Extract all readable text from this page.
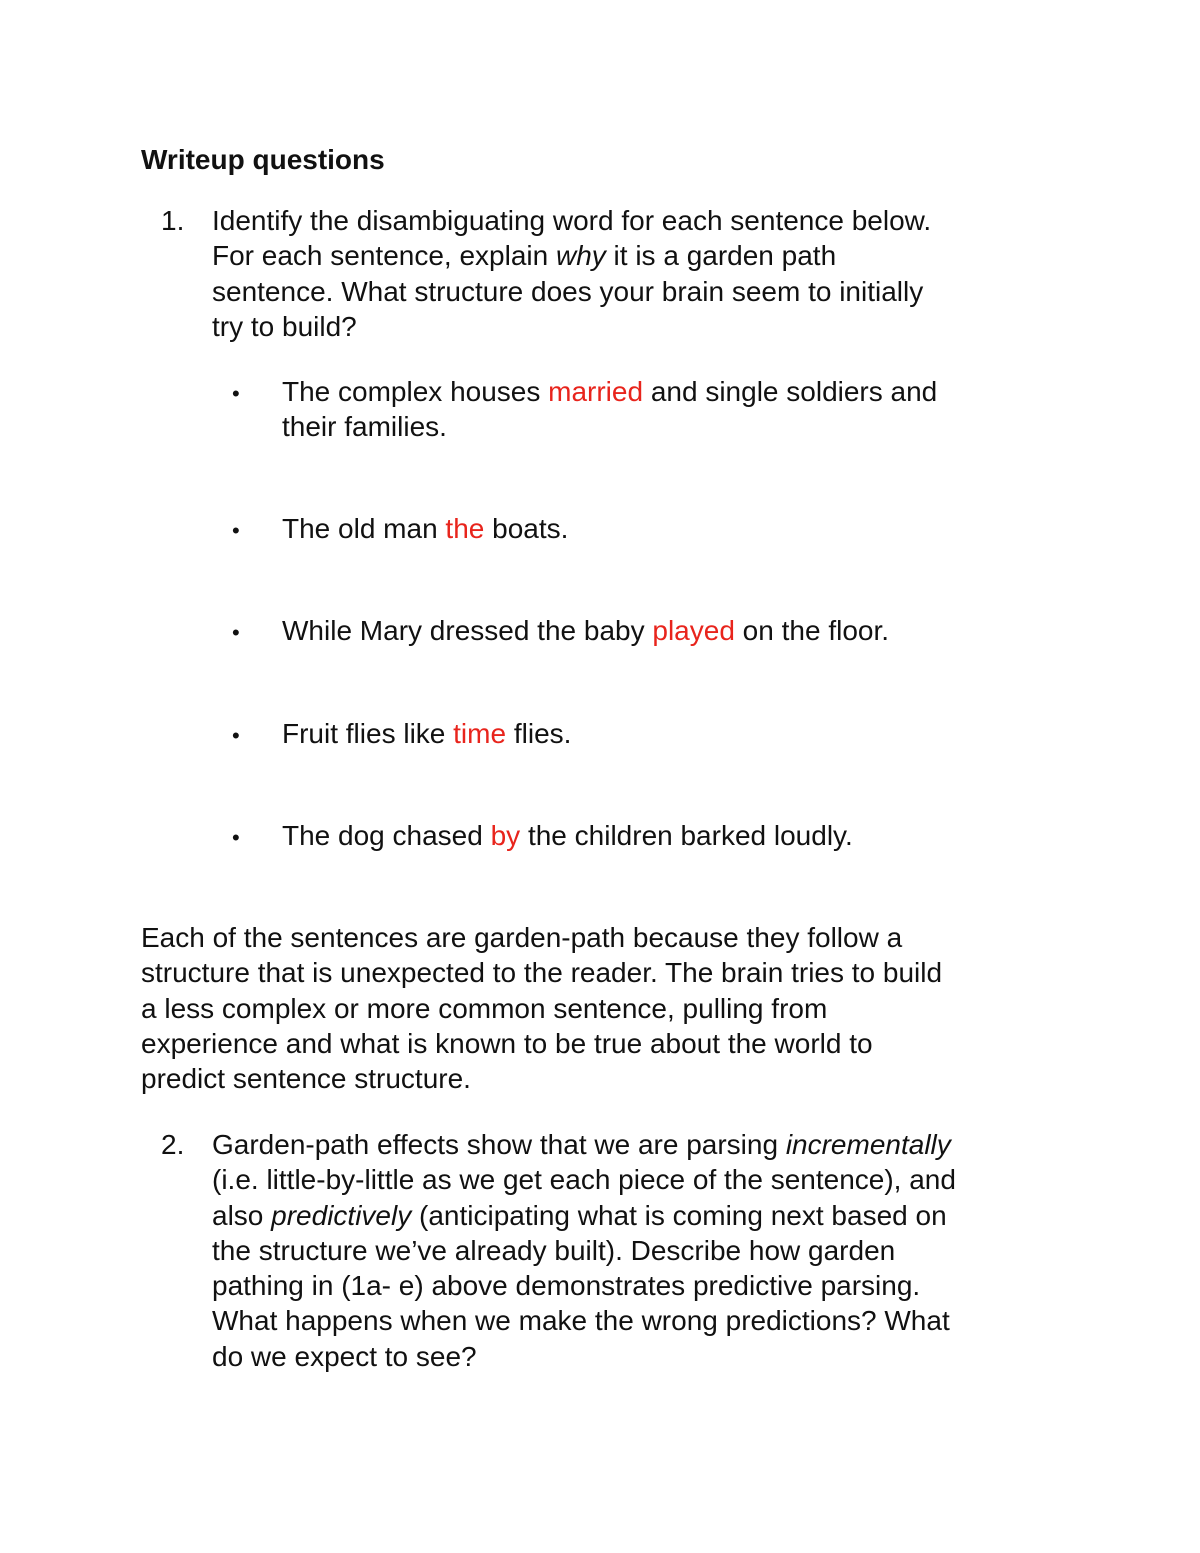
Writeup questions
1. Identify the disambiguating word for each sentence below.
For each sentence, explain why it is a garden path
sentence. What structure does your brain seem to initially
try to build?
• The complex houses married and single soldiers and
their families.
• The old man the boats.
• While Mary dressed the baby played on the floor.
• Fruit flies like time flies.
• The dog chased by the children barked loudly.
Each of the sentences are garden-path because they follow a
structure that is unexpected to the reader. The brain tries to build
a less complex or more common sentence, pulling from
experience and what is known to be true about the world to
predict sentence structure.
2. Garden-path effects show that we are parsing incrementally
(i.e. little-by-little as we get each piece of the sentence), and
also predictively (anticipating what is coming next based on
the structure we’ve already built). Describe how garden
pathing in (1a- e) above demonstrates predictive parsing.
What happens when we make the wrong predictions? What
do we expect to see?
